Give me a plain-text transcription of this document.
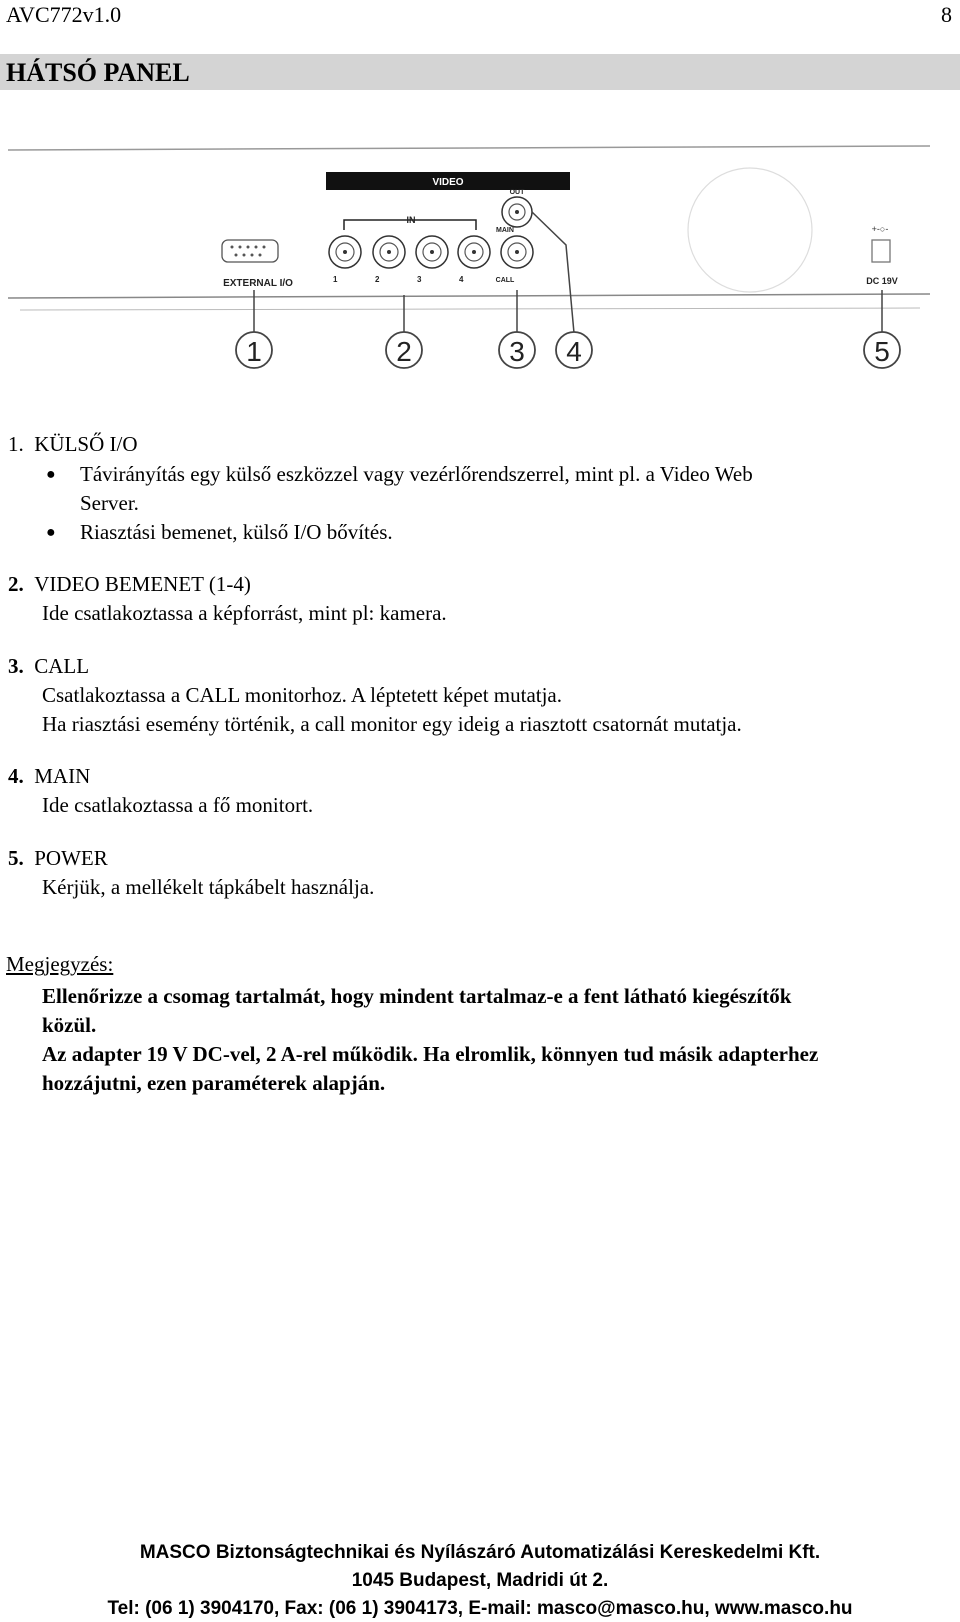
AVC772v1.0	8
HÁTSÓ PANEL
VIDEO
IN
OUT
MAIN
1	2	3	4	CALL
EXTERNAL I/O
+-○-
DC 19V
1	2	3 4	5
1. KÜLSŐ I/O
● Távirányítás egy külső eszközzel vagy vezérlőrendszerrel, mint pl. a Video Web
Server.
● Riasztási bemenet, külső I/O bővítés.
2. VIDEO BEMENET (1-4)
Ide csatlakoztassa a képforrást, mint pl: kamera.
3. CALL
Csatlakoztassa a CALL monitorhoz. A léptetett képet mutatja.
Ha riasztási esemény történik, a call monitor egy ideig a riasztott csatornát mutatja.
4. MAIN
Ide csatlakoztassa a fő monitort.
5. POWER
Kérjük, a mellékelt tápkábelt használja.
Megjegyzés:
Ellenőrizze a csomag tartalmát, hogy mindent tartalmaz-e a fent látható kiegészítők
közül.
Az adapter 19 V DC-vel, 2 A-rel működik. Ha elromlik, könnyen tud másik adapterhez
hozzájutni, ezen paraméterek alapján.
MASCO Biztonságtechnikai és Nyílászáró Automatizálási Kereskedelmi Kft.
1045 Budapest, Madridi út 2.
Tel: (06 1) 3904170, Fax: (06 1) 3904173, E-mail: masco@masco.hu, www.masco.hu
